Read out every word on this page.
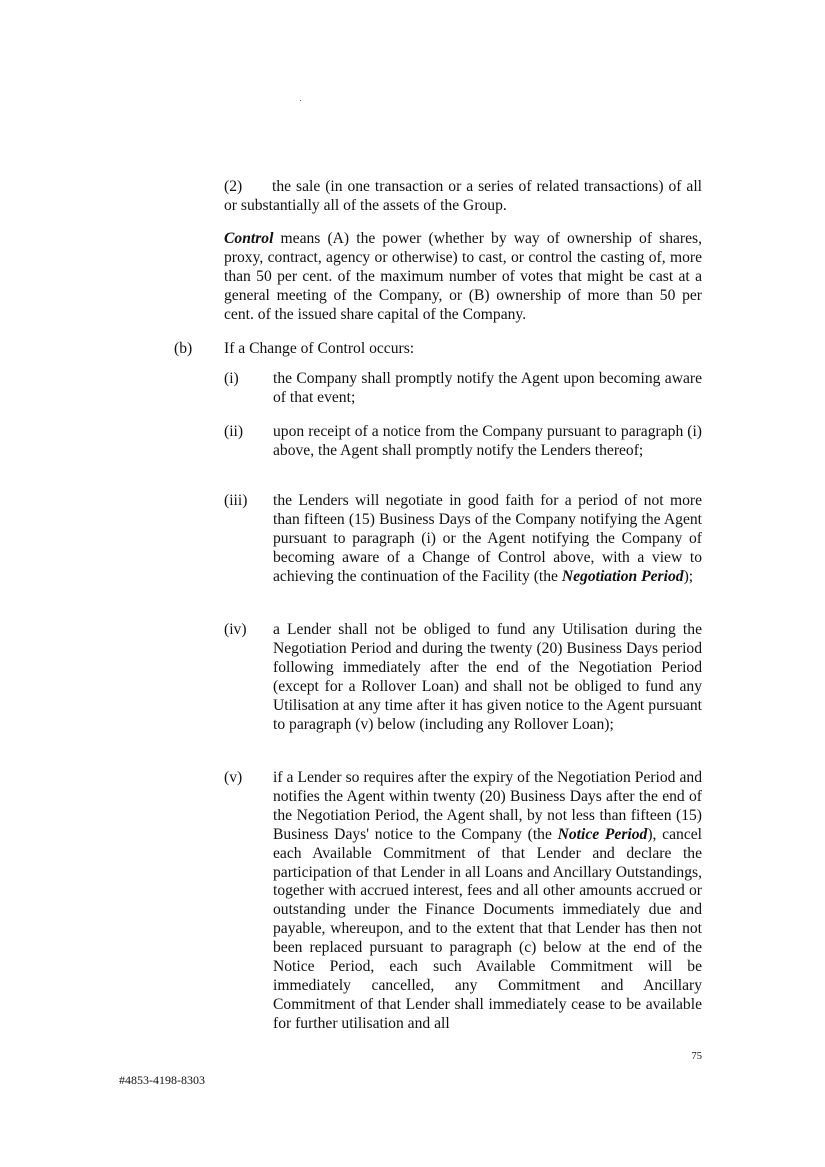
(2)	the sale (in one transaction or a series of related transactions) of all or substantially all of the assets of the Group.
Control means (A) the power (whether by way of ownership of shares, proxy, contract, agency or otherwise) to cast, or control the casting of, more than 50 per cent. of the maximum number of votes that might be cast at a general meeting of the Company, or (B) ownership of more than 50 per cent. of the issued share capital of the Company.
(b) If a Change of Control occurs:
(i) the Company shall promptly notify the Agent upon becoming aware of that event;
(ii) upon receipt of a notice from the Company pursuant to paragraph (i) above, the Agent shall promptly notify the Lenders thereof;
(iii) the Lenders will negotiate in good faith for a period of not more than fifteen (15) Business Days of the Company notifying the Agent pursuant to paragraph (i) or the Agent notifying the Company of becoming aware of a Change of Control above, with a view to achieving the continuation of the Facility (the Negotiation Period);
(iv) a Lender shall not be obliged to fund any Utilisation during the Negotiation Period and during the twenty (20) Business Days period following immediately after the end of the Negotiation Period (except for a Rollover Loan) and shall not be obliged to fund any Utilisation at any time after it has given notice to the Agent pursuant to paragraph (v) below (including any Rollover Loan);
(v) if a Lender so requires after the expiry of the Negotiation Period and notifies the Agent within twenty (20) Business Days after the end of the Negotiation Period, the Agent shall, by not less than fifteen (15) Business Days' notice to the Company (the Notice Period), cancel each Available Commitment of that Lender and declare the participation of that Lender in all Loans and Ancillary Outstandings, together with accrued interest, fees and all other amounts accrued or outstanding under the Finance Documents immediately due and payable, whereupon, and to the extent that that Lender has then not been replaced pursuant to paragraph (c) below at the end of the Notice Period, each such Available Commitment will be immediately cancelled, any Commitment and Ancillary Commitment of that Lender shall immediately cease to be available for further utilisation and all
75
#4853-4198-8303
